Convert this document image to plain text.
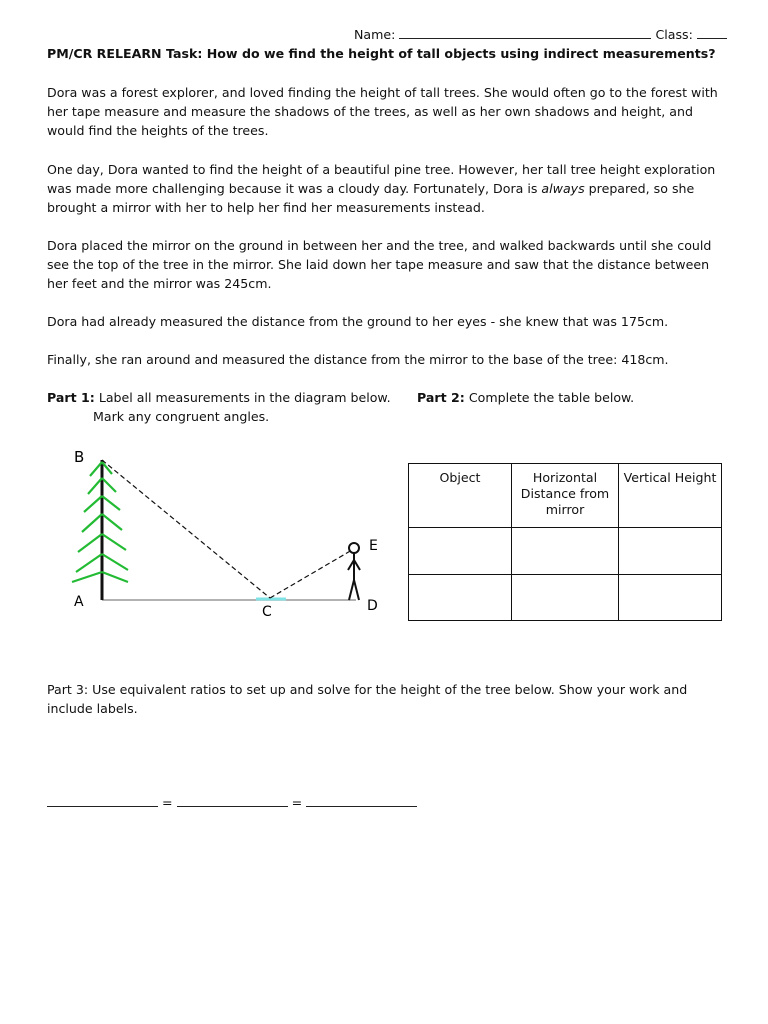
Name:	Class:
PM/CR RELEARN Task: How do we find the height of tall objects using indirect measurements?
Dora was a forest explorer, and loved finding the height of tall trees. She would often go to the forest with her tape measure and measure the shadows of the trees, as well as her own shadows and height, and would find the heights of the trees.
One day, Dora wanted to find the height of a beautiful pine tree. However, her tall tree height exploration was made more challenging because it was a cloudy day. Fortunately, Dora is always prepared, so she brought a mirror with her to help her find her measurements instead.
Dora placed the mirror on the ground in between her and the tree, and walked backwards until she could see the top of the tree in the mirror. She laid down her tape measure and saw that the distance between her feet and the mirror was 245cm.
Dora had already measured the distance from the ground to her eyes - she knew that was 175cm.
Finally, she ran around and measured the distance from the mirror to the base of the tree: 418cm.
Part 1: Label all measurements in the diagram below.
Mark any congruent angles.
Part 2: Complete the table below.
B
A
C	D
E
Object	Horizontal Distance from mirror	Vertical Height

Part 3: Use equivalent ratios to set up and solve for the height of the tree below. Show your work and include labels.
=	=
